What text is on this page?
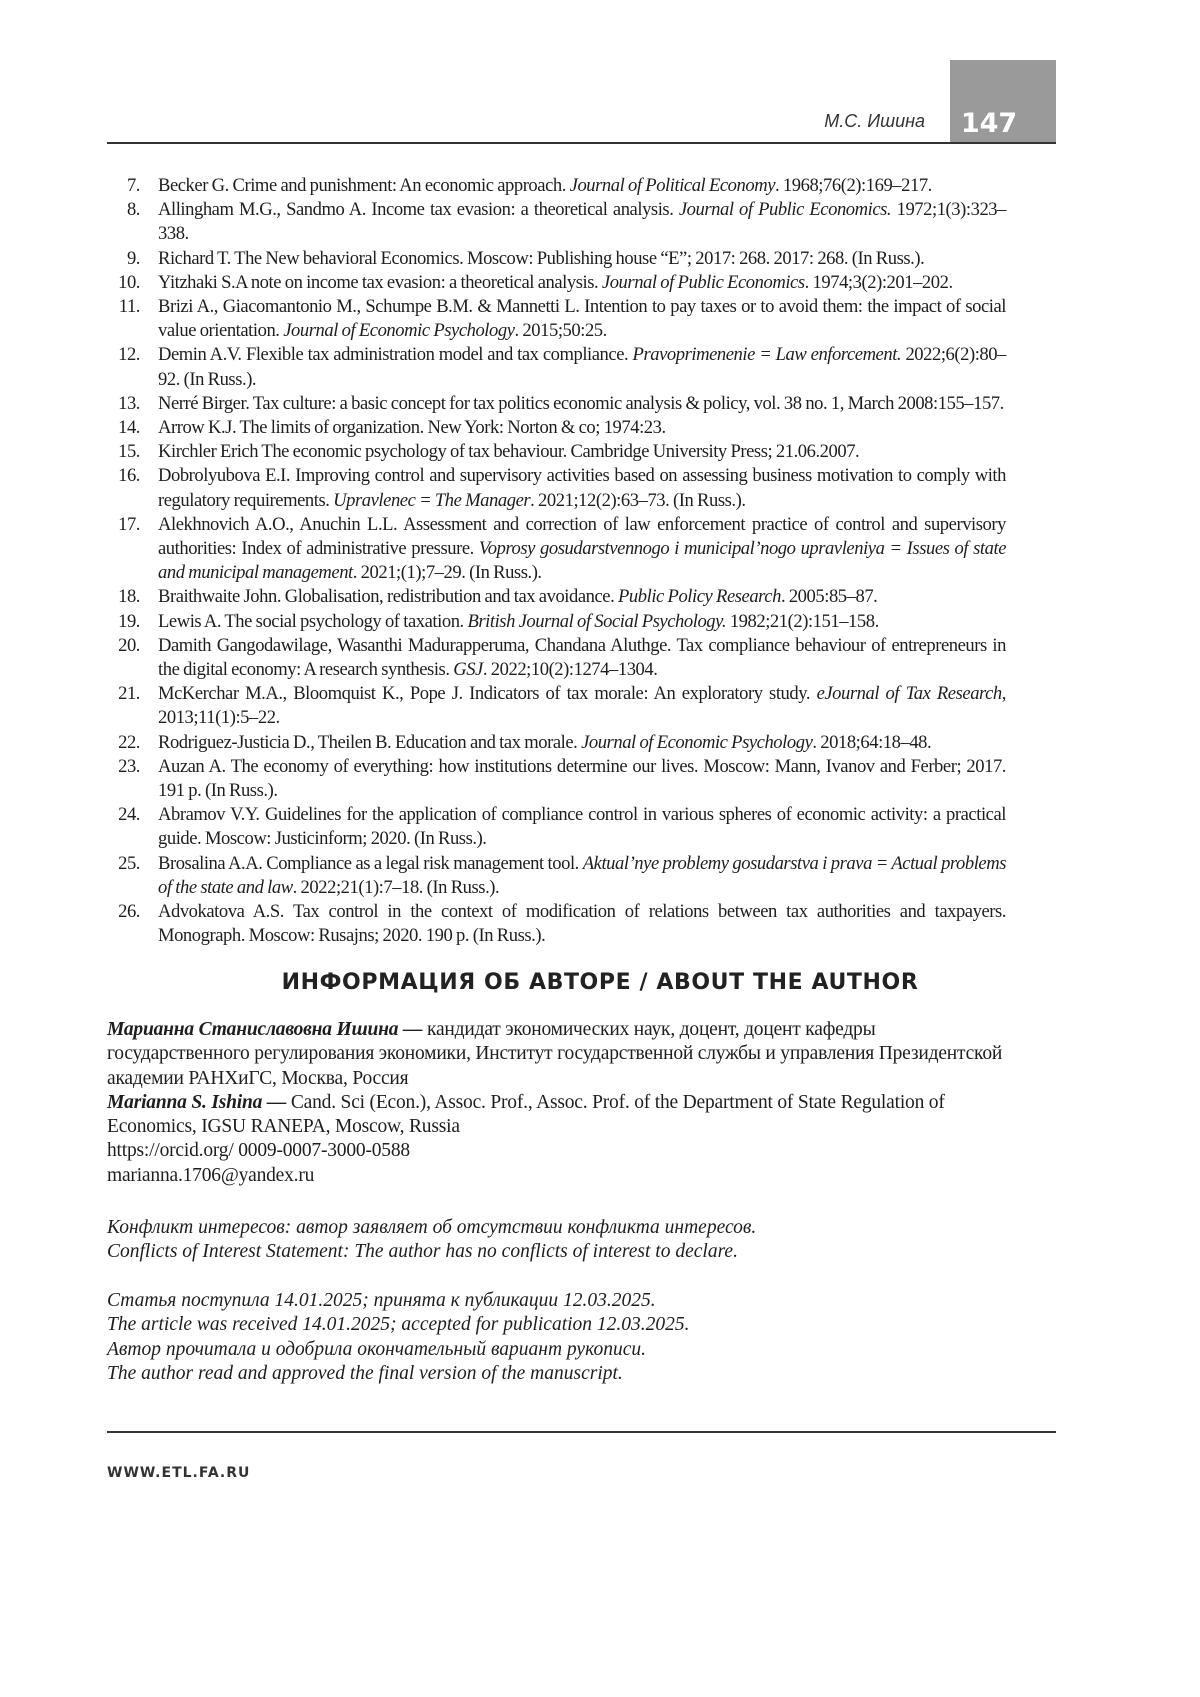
147
М.С. Ишина
7. Becker G. Crime and punishment: An economic approach. Journal of Political Economy. 1968;76(2):169–217.
8. Allingham M.G., Sandmo A. Income tax evasion: a theoretical analysis. Journal of Public Economics. 1972;1(3):323–338.
9. Richard T. The New behavioral Economics. Moscow: Publishing house “E”; 2017: 268. 2017: 268. (In Russ.).
10. Yitzhaki S.A note on income tax evasion: a theoretical analysis. Journal of Public Economics. 1974;3(2):201–202.
11. Brizi A., Giacomantonio M., Schumpe B.M. & Mannetti L. Intention to pay taxes or to avoid them: the impact of social value orientation. Journal of Economic Psychology. 2015;50:25.
12. Demin A.V. Flexible tax administration model and tax compliance. Pravoprimenenie = Law enforcement. 2022;6(2):80–92. (In Russ.).
13. Nerré Birger. Tax culture: a basic concept for tax politics economic analysis & policy, vol. 38 no. 1, March 2008:155–157.
14. Arrow K.J. The limits of organization. New York: Norton & co; 1974:23.
15. Kirchler Erich The economic psychology of tax behaviour. Cambridge University Press; 21.06.2007.
16. Dobrolyubova E.I. Improving control and supervisory activities based on assessing business motivation to comply with regulatory requirements. Upravlenec = The Manager. 2021;12(2):63–73. (In Russ.).
17. Alekhnovich A.O., Anuchin L.L. Assessment and correction of law enforcement practice of control and supervisory authorities: Index of administrative pressure. Voprosy gosudarstvennogo i municipal’nogo upravleniya = Issues of state and municipal management. 2021;(1);7–29. (In Russ.).
18. Braithwaite John. Globalisation, redistribution and tax avoidance. Public Policy Research. 2005:85–87.
19. Lewis A. The social psychology of taxation. British Journal of Social Psychology. 1982;21(2):151–158.
20. Damith Gangodawilage, Wasanthi Madurapperuma, Chandana Aluthge. Tax compliance behaviour of entrepreneurs in the digital economy: A research synthesis. GSJ. 2022;10(2):1274–1304.
21. McKerchar M.A., Bloomquist K., Pope J. Indicators of tax morale: An exploratory study. eJournal of Tax Research, 2013;11(1):5–22.
22. Rodriguez-Justicia D., Theilen B. Education and tax morale. Journal of Economic Psychology. 2018;64:18–48.
23. Auzan A. The economy of everything: how institutions determine our lives. Moscow: Mann, Ivanov and Ferber; 2017. 191 p. (In Russ.).
24. Abramov V.Y. Guidelines for the application of compliance control in various spheres of economic activity: a practical guide. Moscow: Justicinform; 2020. (In Russ.).
25. Brosalina A.A. Compliance as a legal risk management tool. Aktual’nye problemy gosudarstva i prava = Actual problems of the state and law. 2022;21(1):7–18. (In Russ.).
26. Advokatova A.S. Tax control in the context of modification of relations between tax authorities and taxpayers. Monograph. Moscow: Rusajns; 2020. 190 p. (In Russ.).
ИНФОРМАЦИЯ ОБ АВТОРЕ / ABOUT THE AUTHOR

Марианна Станиславовна Ишина — кандидат экономических наук, доцент, доцент кафедры государственного регулирования экономики, Институт государственной службы и управления Президентской академии РАНХиГС, Москва, Россия

Marianna S. Ishina — Cand. Sci (Econ.), Assoc. Prof., Assoc. Prof. of the Department of State Regulation of Economics, IGSU RANEPA, Moscow, Russia

https://orcid.org/ 0009-0007-3000-0588

marianna.1706@yandex.ru

Конфликт интересов: автор заявляет об отсутствии конфликта интересов.

Conflicts of Interest Statement: The author has no conflicts of interest to declare.

Статья поступила 14.01.2025; принята к публикации 12.03.2025.

The article was received 14.01.2025; accepted for publication 12.03.2025.

Автор прочитала и одобрила окончательный вариант рукописи.

The author read and approved the final version of the manuscript.

WWW.ETL.FA.RU
